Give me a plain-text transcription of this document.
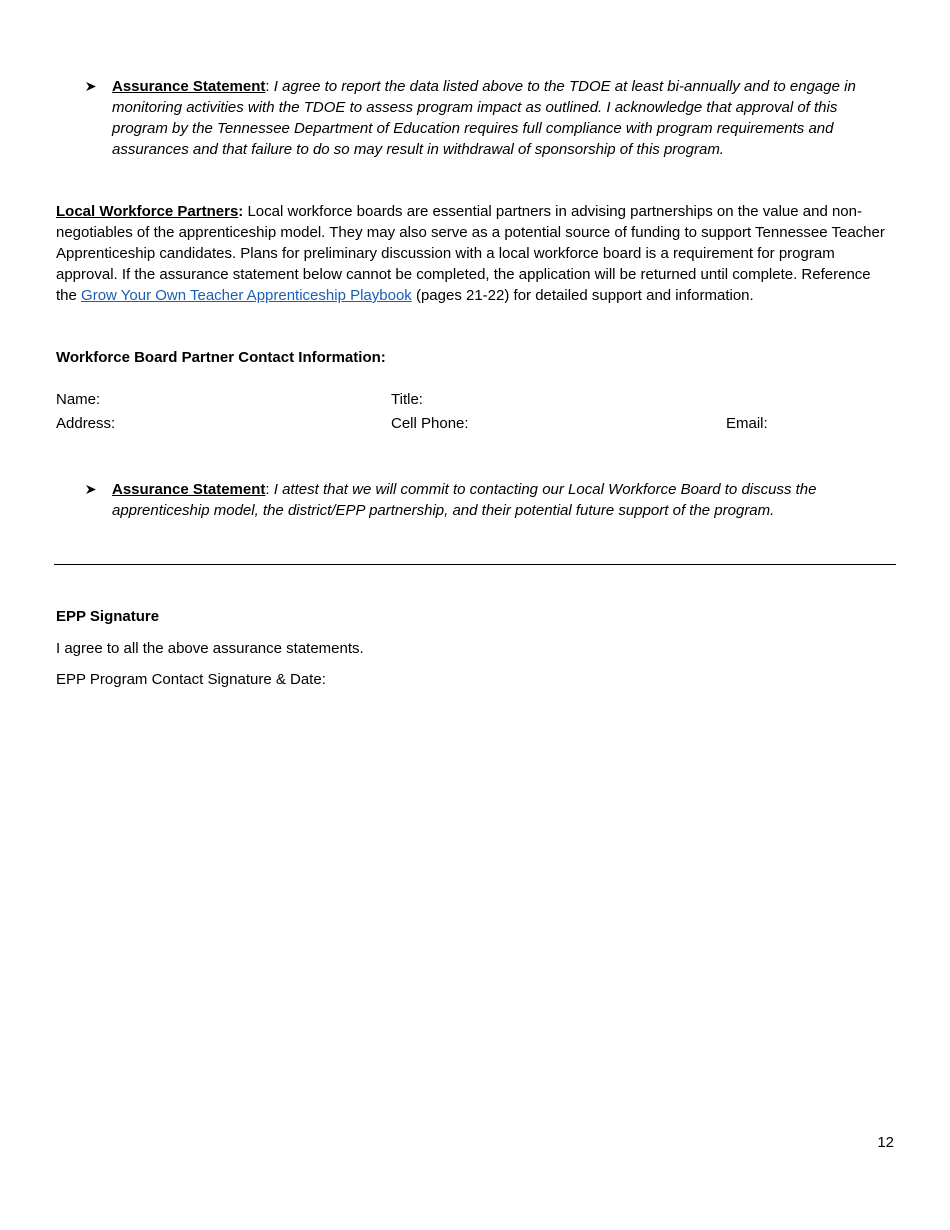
Assurance Statement: I agree to report the data listed above to the TDOE at least bi-annually and to engage in monitoring activities with the TDOE to assess program impact as outlined. I acknowledge that approval of this program by the Tennessee Department of Education requires full compliance with program requirements and assurances and that failure to do so may result in withdrawal of sponsorship of this program.
Local Workforce Partners: Local workforce boards are essential partners in advising partnerships on the value and non-negotiables of the apprenticeship model. They may also serve as a potential source of funding to support Tennessee Teacher Apprenticeship candidates. Plans for preliminary discussion with a local workforce board is a requirement for program approval. If the assurance statement below cannot be completed, the application will be returned until complete. Reference the Grow Your Own Teacher Apprenticeship Playbook (pages 21-22) for detailed support and information.
Workforce Board Partner Contact Information:
Name:	Title:
Address:	Cell Phone:	Email:
Assurance Statement: I attest that we will commit to contacting our Local Workforce Board to discuss the apprenticeship model, the district/EPP partnership, and their potential future support of the program.
EPP Signature
I agree to all the above assurance statements.
EPP Program Contact Signature & Date:
12
